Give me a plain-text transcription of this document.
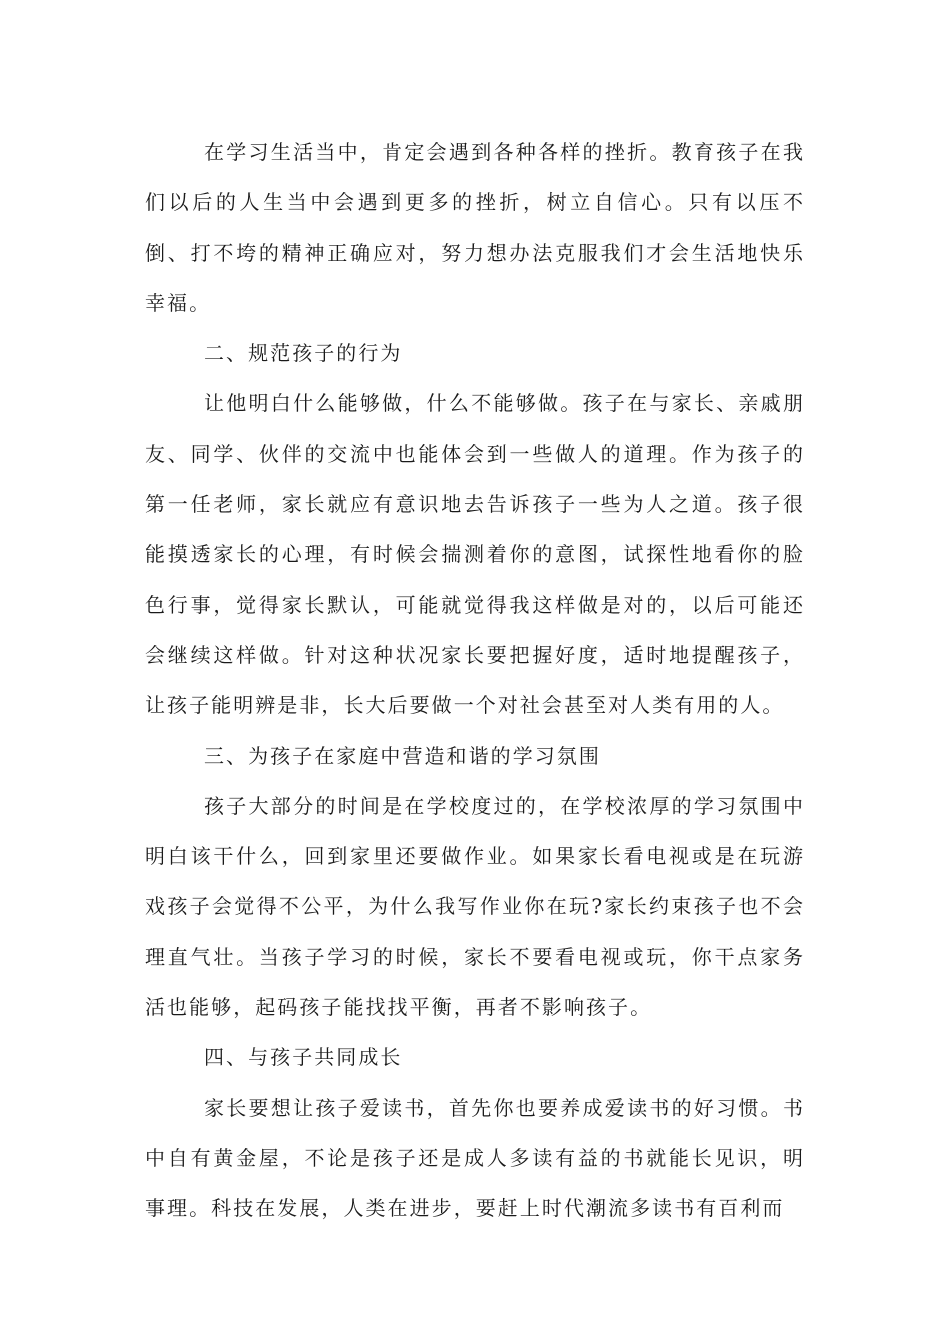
在学习生活当中，肯定会遇到各种各样的挫折。教育孩子在我们以后的人生当中会遇到更多的挫折，树立自信心。只有以压不倒、打不垮的精神正确应对，努力想办法克服我们才会生活地快乐幸福。

二、规范孩子的行为

让他明白什么能够做，什么不能够做。孩子在与家长、亲戚朋友、同学、伙伴的交流中也能体会到一些做人的道理。作为孩子的第一任老师，家长就应有意识地去告诉孩子一些为人之道。孩子很能摸透家长的心理，有时候会揣测着你的意图，试探性地看你的脸色行事，觉得家长默认，可能就觉得我这样做是对的，以后可能还会继续这样做。针对这种状况家长要把握好度，适时地提醒孩子，让孩子能明辨是非，长大后要做一个对社会甚至对人类有用的人。

三、为孩子在家庭中营造和谐的学习氛围

孩子大部分的时间是在学校度过的，在学校浓厚的学习氛围中明白该干什么，回到家里还要做作业。如果家长看电视或是在玩游戏孩子会觉得不公平，为什么我写作业你在玩?家长约束孩子也不会理直气壮。当孩子学习的时候，家长不要看电视或玩，你干点家务活也能够，起码孩子能找找平衡，再者不影响孩子。

四、与孩子共同成长

家长要想让孩子爱读书，首先你也要养成爱读书的好习惯。书中自有黄金屋，不论是孩子还是成人多读有益的书就能长见识，明事理。科技在发展，人类在进步，要赶上时代潮流多读书有百利而
